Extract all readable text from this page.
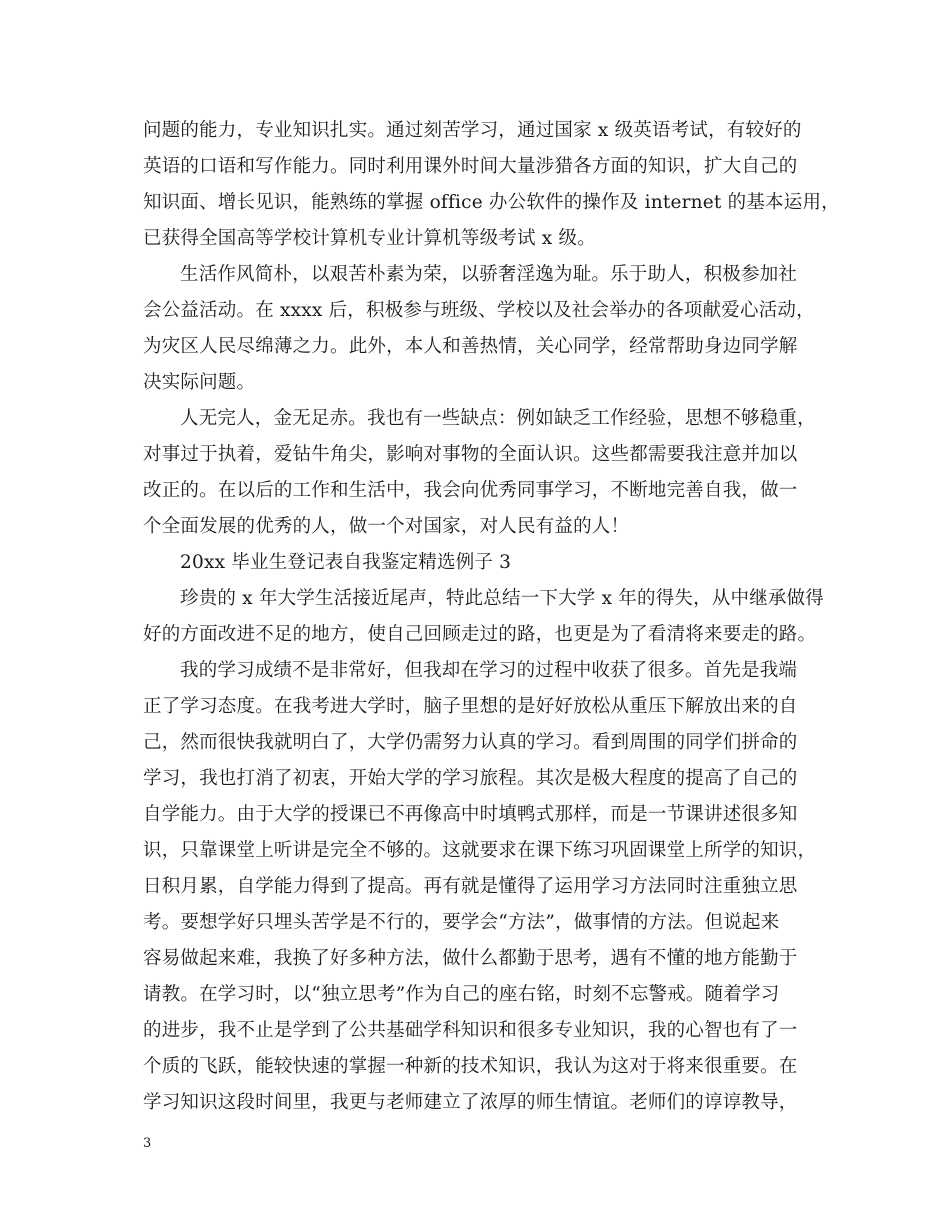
问题的能力，专业知识扎实。通过刻苦学习，通过国家 x 级英语考试，有较好的
英语的口语和写作能力。同时利用课外时间大量涉猎各方面的知识，扩大自己的
知识面、增长见识，能熟练的掌握 office 办公软件的操作及 internet 的基本运用，
已获得全国高等学校计算机专业计算机等级考试 x 级。
生活作风简朴，以艰苦朴素为荣，以骄奢淫逸为耻。乐于助人，积极参加社
会公益活动。在 xxxx 后，积极参与班级、学校以及社会举办的各项献爱心活动，
为灾区人民尽绵薄之力。此外，本人和善热情，关心同学，经常帮助身边同学解
决实际问题。
人无完人，金无足赤。我也有一些缺点：例如缺乏工作经验，思想不够稳重，
对事过于执着，爱钻牛角尖，影响对事物的全面认识。这些都需要我注意并加以
改正的。在以后的工作和生活中，我会向优秀同事学习，不断地完善自我，做一
个全面发展的优秀的人，做一个对国家，对人民有益的人！
20xx 毕业生登记表自我鉴定精选例子 3
珍贵的 x 年大学生活接近尾声，特此总结一下大学 x 年的得失，从中继承做得
好的方面改进不足的地方，使自己回顾走过的路，也更是为了看清将来要走的路。
我的学习成绩不是非常好，但我却在学习的过程中收获了很多。首先是我端
正了学习态度。在我考进大学时，脑子里想的是好好放松从重压下解放出来的自
己，然而很快我就明白了，大学仍需努力认真的学习。看到周围的同学们拼命的
学习，我也打消了初衷，开始大学的学习旅程。其次是极大程度的提高了自己的
自学能力。由于大学的授课已不再像高中时填鸭式那样，而是一节课讲述很多知
识，只靠课堂上听讲是完全不够的。这就要求在课下练习巩固课堂上所学的知识，
日积月累，自学能力得到了提高。再有就是懂得了运用学习方法同时注重独立思
考。要想学好只埋头苦学是不行的，要学会“方法”，做事情的方法。但说起来
容易做起来难，我换了好多种方法，做什么都勤于思考，遇有不懂的地方能勤于
请教。在学习时，以“独立思考”作为自己的座右铭，时刻不忘警戒。随着学习
的进步，我不止是学到了公共基础学科知识和很多专业知识，我的心智也有了一
个质的飞跃，能较快速的掌握一种新的技术知识，我认为这对于将来很重要。在
学习知识这段时间里，我更与老师建立了浓厚的师生情谊。老师们的谆谆教导，
3
